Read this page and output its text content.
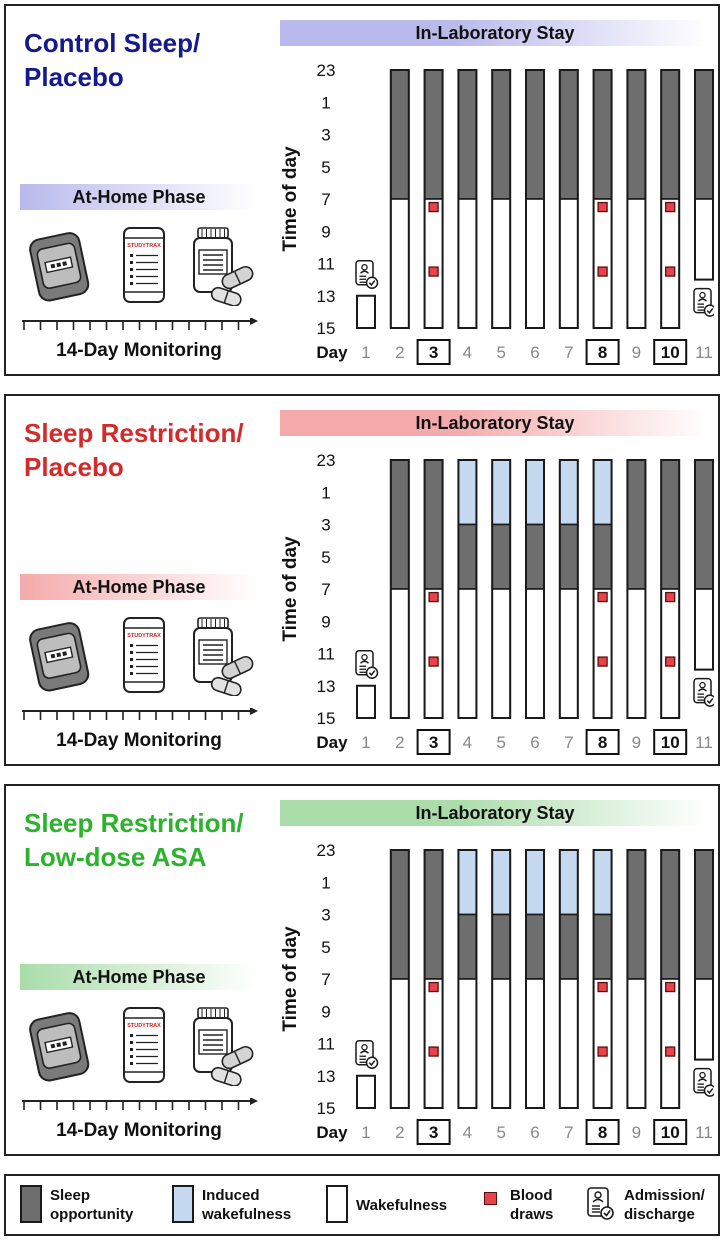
Control Sleep/
Placebo
At-Home Phase
STUDYTRAX
14-Day Monitoring
In-Laboratory Stay
Time of day
23
1
3
5
7
9
11
13
15
Day 1 2 3 4 5 6 7 8 9 10 11
Sleep Restriction/
Placebo
At-Home Phase
STUDYTRAX
14-Day Monitoring
In-Laboratory Stay
Time of day
23
1
3
5
7
9
11
13
15
Day 1 2 3 4 5 6 7 8 9 10 11
Sleep Restriction/
Low-dose ASA
At-Home Phase
STUDYTRAX
14-Day Monitoring
In-Laboratory Stay
Time of day
23
1
3
5
7
9
11
13
15
Day 1 2 3 4 5 6 7 8 9 10 11
Sleep
opportunity
Induced
wakefulness
Wakefulness
Blood
draws
Admission/
discharge
